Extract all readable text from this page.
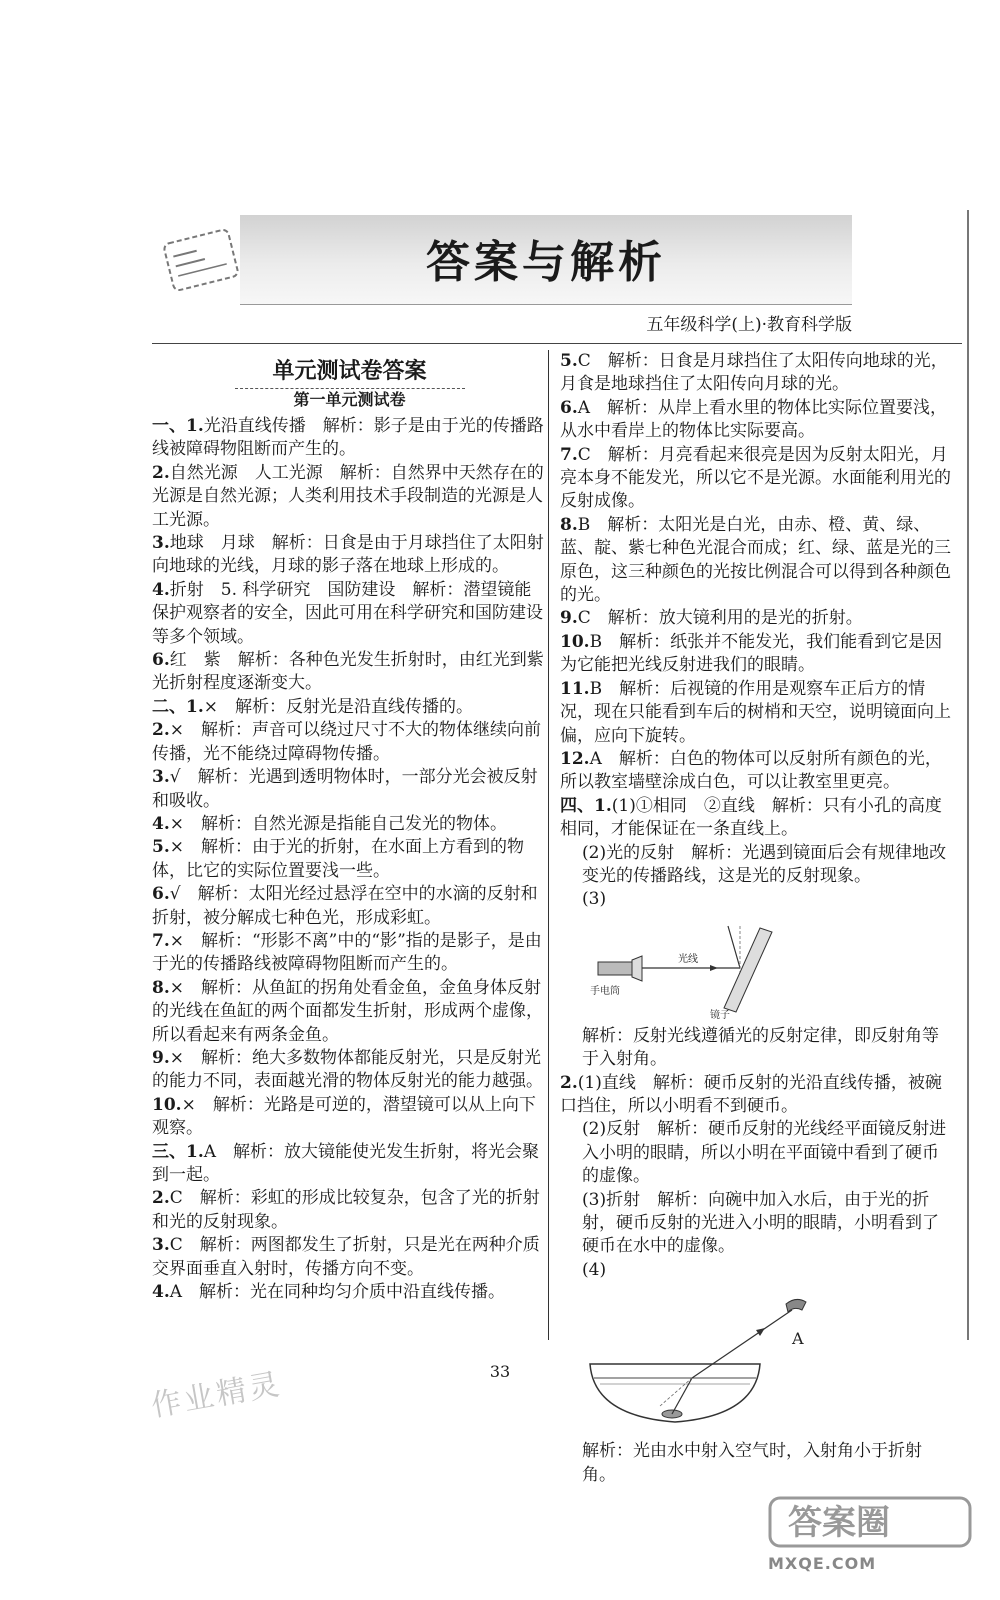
答案与解析
五年级科学(上)·教育科学版
单元测试卷答案
第一单元测试卷

一、1.光沿直线传播　解析：影子是由于光的传播路线被障碍物阻断而产生的。

2.自然光源　人工光源　解析：自然界中天然存在的光源是自然光源；人类利用技术手段制造的光源是人工光源。

3.地球　月球　解析：日食是由于月球挡住了太阳射向地球的光线，月球的影子落在地球上形成的。

4.折射　5. 科学研究　国防建设　解析：潜望镜能保护观察者的安全，因此可用在科学研究和国防建设等多个领域。

6.红　紫　解析：各种色光发生折射时，由红光到紫光折射程度逐渐变大。

二、1.×　解析：反射光是沿直线传播的。

2.×　解析：声音可以绕过尺寸不大的物体继续向前传播，光不能绕过障碍物传播。

3.√　解析：光遇到透明物体时，一部分光会被反射和吸收。

4.×　解析：自然光源是指能自己发光的物体。

5.×　解析：由于光的折射，在水面上方看到的物体，比它的实际位置要浅一些。

6.√　解析：太阳光经过悬浮在空中的水滴的反射和折射，被分解成七种色光，形成彩虹。

7.×　解析：“形影不离”中的“影”指的是影子，是由于光的传播路线被障碍物阻断而产生的。

8.×　解析：从鱼缸的拐角处看金鱼，金鱼身体反射的光线在鱼缸的两个面都发生折射，形成两个虚像，所以看起来有两条金鱼。

9.×　解析：绝大多数物体都能反射光，只是反射光的能力不同，表面越光滑的物体反射光的能力越强。

10.×　解析：光路是可逆的，潜望镜可以从上向下观察。

三、1.A　解析：放大镜能使光发生折射，将光会聚到一起。

2.C　解析：彩虹的形成比较复杂，包含了光的折射和光的反射现象。

3.C　解析：两图都发生了折射，只是光在两种介质交界面垂直入射时，传播方向不变。

4.A　解析：光在同种均匀介质中沿直线传播。

5.C　解析：日食是月球挡住了太阳传向地球的光，月食是地球挡住了太阳传向月球的光。

6.A　解析：从岸上看水里的物体比实际位置要浅，从水中看岸上的物体比实际要高。

7.C　解析：月亮看起来很亮是因为反射太阳光，月亮本身不能发光，所以它不是光源。水面能利用光的反射成像。

8.B　解析：太阳光是白光，由赤、橙、黄、绿、蓝、靛、紫七种色光混合而成；红、绿、蓝是光的三原色，这三种颜色的光按比例混合可以得到各种颜色的光。

9.C　解析：放大镜利用的是光的折射。

10.B　解析：纸张并不能发光，我们能看到它是因为它能把光线反射进我们的眼睛。

11.B　解析：后视镜的作用是观察车正后方的情况，现在只能看到车后的树梢和天空，说明镜面向上偏，应向下旋转。

12.A　解析：白色的物体可以反射所有颜色的光，所以教室墙壁涂成白色，可以让教室里更亮。

四、1.(1)①相同　②直线　解析：只有小孔的高度相同，才能保证在一条直线上。

(2)光的反射　解析：光遇到镜面后会有规律地改变光的传播路线，这是光的反射现象。

(3)

手电筒
光线
镜子

解析：反射光线遵循光的反射定律，即反射角等于入射角。

2.(1)直线　解析：硬币反射的光沿直线传播，被碗口挡住，所以小明看不到硬币。

(2)反射　解析：硬币反射的光线经平面镜反射进入小明的眼睛，所以小明在平面镜中看到了硬币的虚像。

(3)折射　解析：向碗中加入水后，由于光的折射，硬币反射的光进入小明的眼睛，小明看到了硬币在水中的虚像。

(4)

A

解析：光由水中射入空气时，入射角小于折射角。

33
作业精灵
答案圈
MXQE.COM
